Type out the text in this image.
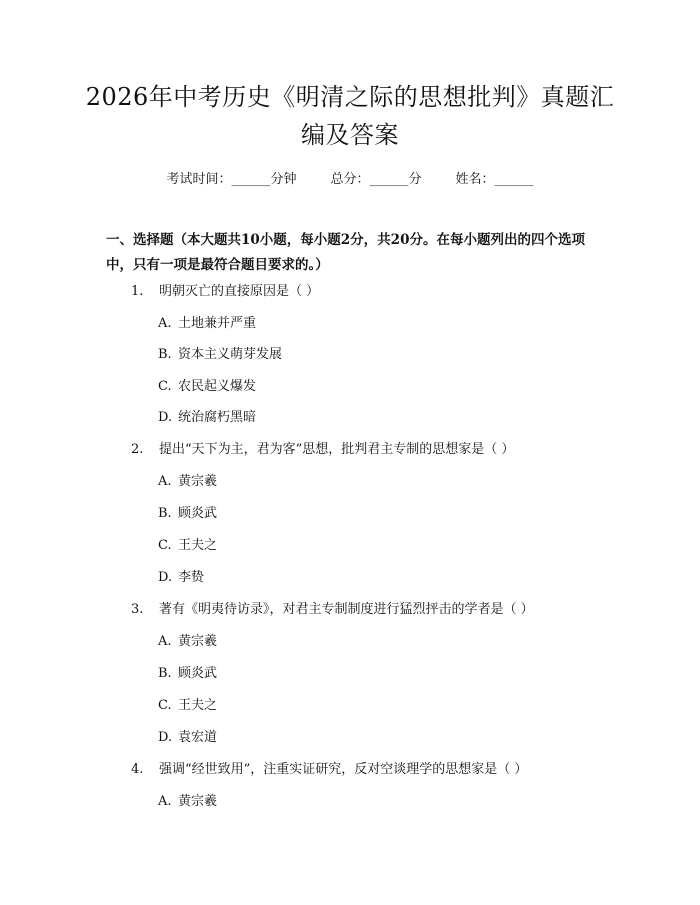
2026年中考历史《明清之际的思想批判》真题汇编及答案
考试时间：______分钟	总分：______分	姓名：______
一、选择题（本大题共10小题，每小题2分，共20分。在每小题列出的四个选项中，只有一项是最符合题目要求的。）
1. 明朝灭亡的直接原因是（ ）
A. 土地兼并严重
B. 资本主义萌芽发展
C. 农民起义爆发
D. 统治腐朽黑暗
2. 提出“天下为主，君为客”思想，批判君主专制的思想家是（ ）
A. 黄宗羲
B. 顾炎武
C. 王夫之
D. 李贽
3. 著有《明夷待访录》，对君主专制制度进行猛烈抨击的学者是（ ）
A. 黄宗羲
B. 顾炎武
C. 王夫之
D. 袁宏道
4. 强调“经世致用”，注重实证研究，反对空谈理学的思想家是（ ）
A. 黄宗羲
